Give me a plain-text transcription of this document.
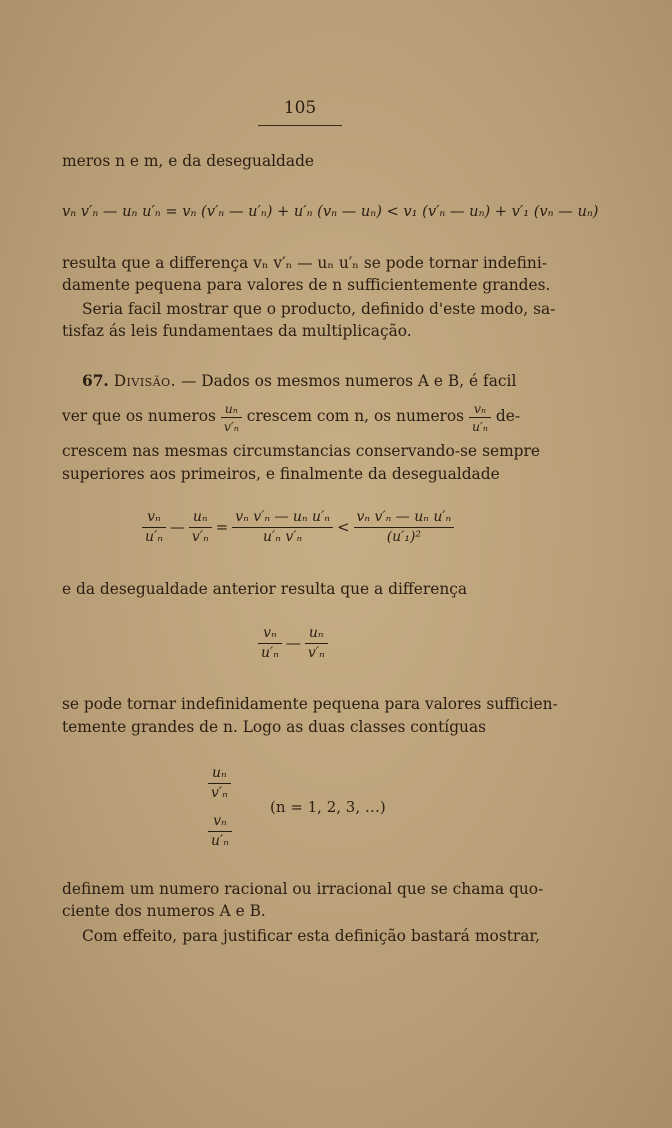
105
meros n e m, e da desegualdade
vₙ v′ₙ — uₙ u′ₙ = vₙ (v′ₙ — u′ₙ) + u′ₙ (vₙ — uₙ) < v₁ (v′ₙ — uₙ) + v′₁ (vₙ — uₙ)
resulta que a differença vₙ v′ₙ — uₙ u′ₙ se pode tornar indefini-
damente pequena para valores de n sufficientemente grandes.
Seria facil mostrar que o producto, definido d'este modo, sa-
tisfaz ás leis fundamentaes da multiplicação.
67. Divisão. — Dados os mesmos numeros A e B, é facil
ver que os numeros $\frac{\text{uₙ}}{\text{v′ₙ}}$ crescem com n, os numeros $\frac{\text{vₙ}}{\text{u′ₙ}} de-$
crescem nas mesmas circumstancias conservando-se sempre
superiores aos primeiros, e finalmente da desegualdade
$\frac{\text{vₙ}}{\text{u′ₙ}}$ — $\frac{\text{uₙ}}{\text{v′ₙ}} = \frac{\text{vₙ v′ₙ — uₙ u′ₙ}}{\text{u′ₙ v′ₙ}} < \frac{\text{vₙ v′ₙ — uₙ u′ₙ}}{\text{(u′₁)²}}$
e da desegualdade anterior resulta que a differença
$\frac{\text{vₙ}}{\text{u′ₙ}}$ — $\frac{\text{uₙ}}{\text{v′ₙ}}$
se pode tornar indefinidamente pequena para valores sufficien-
temente grandes de n. Logo as duas classes contíguas
$\frac{\text{uₙ}}{\text{v′ₙ}}$
$\frac{\text{vₙ}}{\text{u′ₙ}}$
(n = 1, 2, 3, …)
definem um numero racional ou irracional que se chama quo-
ciente dos numeros A e B.
Com effeito, para justificar esta definição bastará mostrar,
